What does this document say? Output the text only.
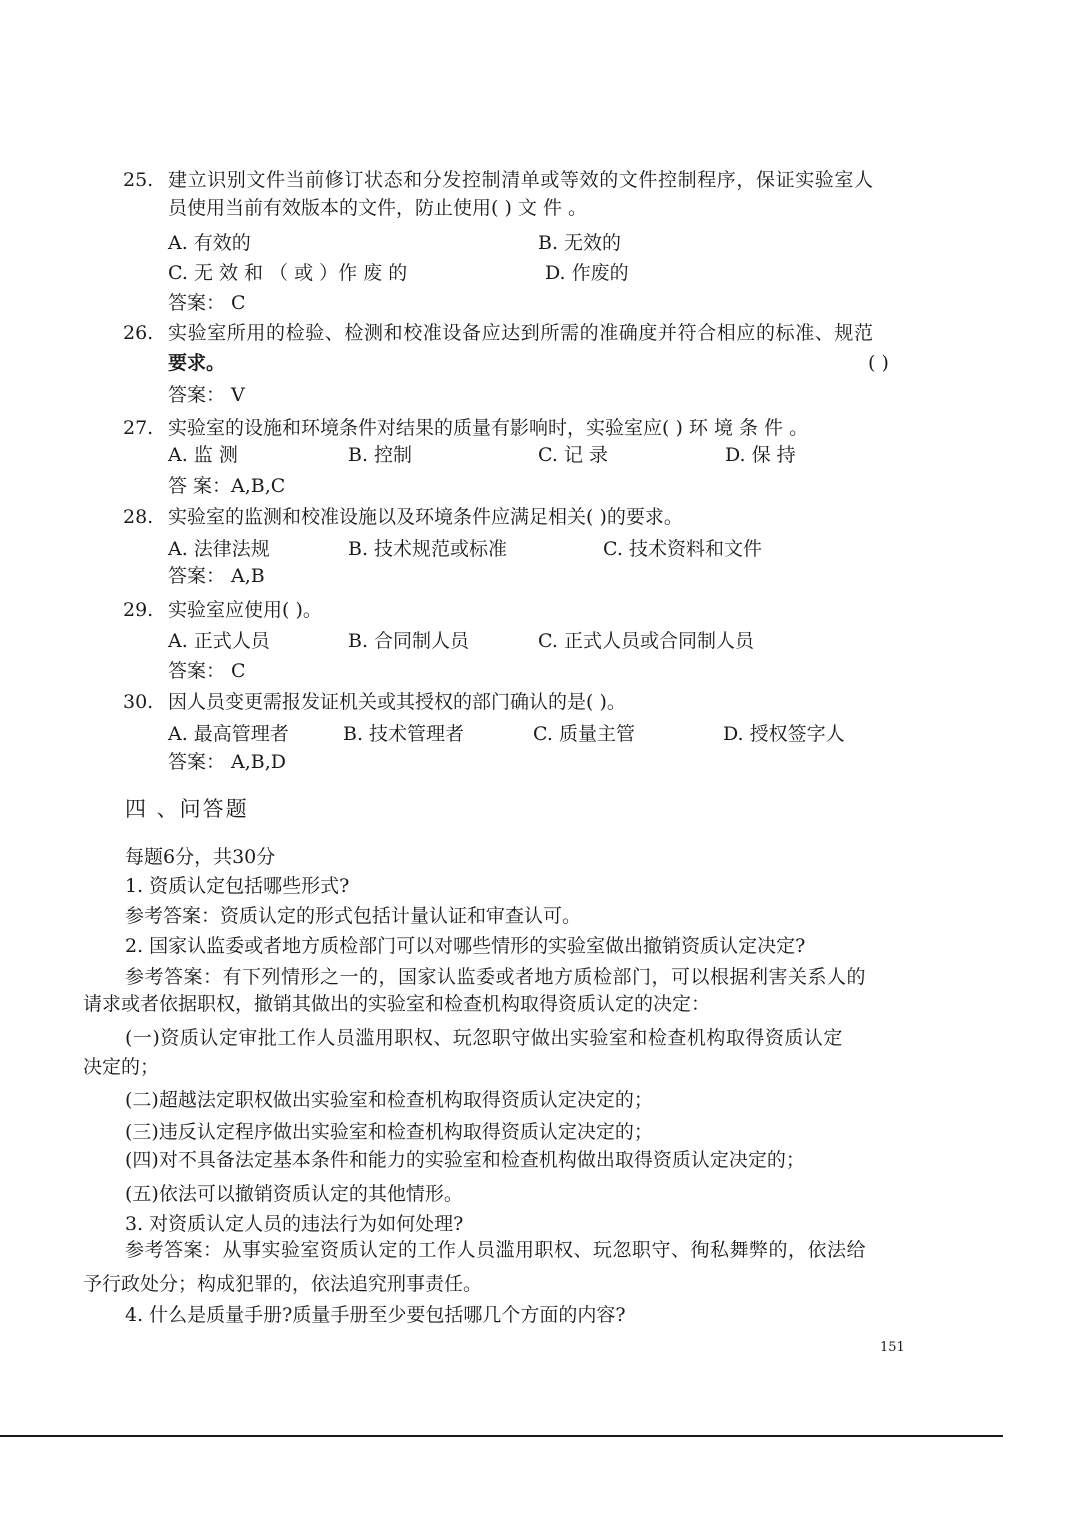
25. 建立识别文件当前修订状态和分发控制清单或等效的文件控制程序，保证实验室人
员使用当前有效版本的文件，防止使用( ) 文 件 。
A. 有效的	B. 无效的
C. 无 效 和 （ 或 ）作 废 的	D. 作废的
答案： C
26. 实验室所用的检验、检测和校准设备应达到所需的准确度并符合相应的标准、规范
要求。	( )
答案： V
27. 实验室的设施和环境条件对结果的质量有影响时，实验室应( ) 环 境 条 件 。
A. 监 测	B. 控制	C. 记 录	D. 保 持
答 案：A,B,C
28. 实验室的监测和校准设施以及环境条件应满足相关( )的要求。
A. 法律法规	B. 技术规范或标准	C. 技术资料和文件
答案： A,B
29. 实验室应使用( )。
A. 正式人员	B. 合同制人员	C. 正式人员或合同制人员
答案： C
30. 因人员变更需报发证机关或其授权的部门确认的是( )。
A. 最高管理者	B. 技术管理者	C. 质量主管	D. 授权签字人
答案： A,B,D
四 、问答题
每题6分，共30分
1. 资质认定包括哪些形式?
参考答案：资质认定的形式包括计量认证和审查认可。
2. 国家认监委或者地方质检部门可以对哪些情形的实验室做出撤销资质认定决定?
参考答案：有下列情形之一的，国家认监委或者地方质检部门，可以根据利害关系人的
请求或者依据职权，撤销其做出的实验室和检查机构取得资质认定的决定：
(一)资质认定审批工作人员滥用职权、玩忽职守做出实验室和检查机构取得资质认定
决定的；
(二)超越法定职权做出实验室和检查机构取得资质认定决定的；
(三)违反认定程序做出实验室和检查机构取得资质认定决定的；
(四)对不具备法定基本条件和能力的实验室和检查机构做出取得资质认定决定的；
(五)依法可以撤销资质认定的其他情形。
3. 对资质认定人员的违法行为如何处理?
参考答案：从事实验室资质认定的工作人员滥用职权、玩忽职守、徇私舞弊的，依法给
予行政处分；构成犯罪的，依法追究刑事责任。
4. 什么是质量手册?质量手册至少要包括哪几个方面的内容?
151
